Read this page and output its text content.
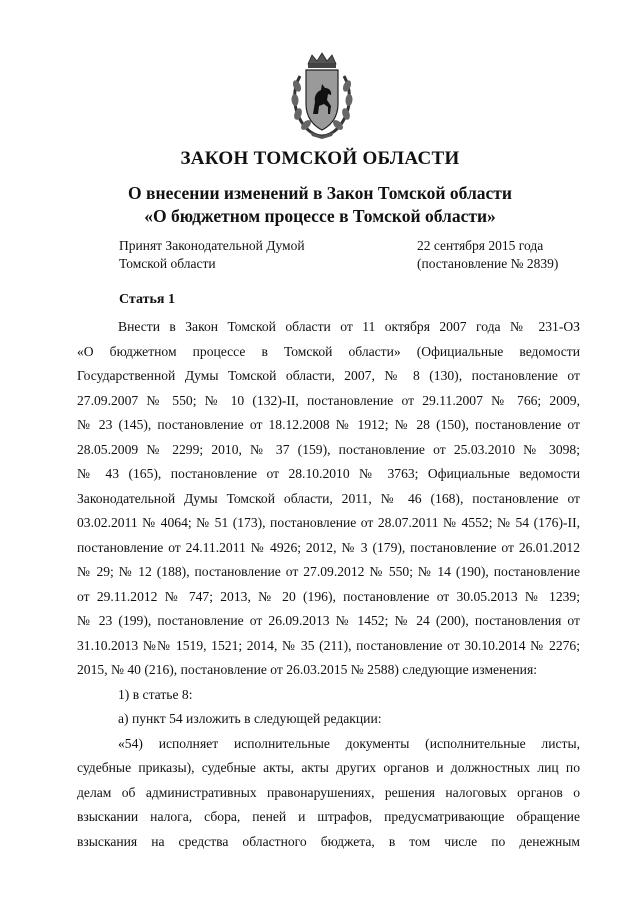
ЗАКОН ТОМСКОЙ ОБЛАСТИ
О внесении изменений в Закон Томской области
«О бюджетном процессе в Томской области»
Принят Законодательной Думой
Томской области
22 сентября 2015 года
(постановление № 2839)
Статья 1
Внести в Закон Томской области от 11 октября 2007 года № 231-ОЗ
«О бюджетном процессе в Томской области» (Официальные ведомости
Государственной Думы Томской области, 2007, № 8 (130), постановление от
27.09.2007 № 550; № 10 (132)-II, постановление от 29.11.2007 № 766; 2009,
№ 23 (145), постановление от 18.12.2008 № 1912; № 28 (150), постановление от
28.05.2009 № 2299; 2010, № 37 (159), постановление от 25.03.2010 № 3098;
№ 43 (165), постановление от 28.10.2010 № 3763; Официальные ведомости
Законодательной Думы Томской области, 2011, № 46 (168), постановление от
03.02.2011 № 4064; № 51 (173), постановление от 28.07.2011 № 4552; № 54 (176)-II,
постановление от 24.11.2011 № 4926; 2012, № 3 (179), постановление от 26.01.2012
№ 29; № 12 (188), постановление от 27.09.2012 № 550; № 14 (190), постановление
от 29.11.2012 № 747; 2013, № 20 (196), постановление от 30.05.2013 № 1239;
№ 23 (199), постановление от 26.09.2013 № 1452; № 24 (200), постановления от
31.10.2013 №№ 1519, 1521; 2014, № 35 (211), постановление от 30.10.2014 № 2276;
2015, № 40 (216), постановление от 26.03.2015 № 2588) следующие изменения:
1) в статье 8:
а) пункт 54 изложить в следующей редакции:
«54) исполняет исполнительные документы (исполнительные листы,
судебные приказы), судебные акты, акты других органов и должностных лиц по
делам об административных правонарушениях, решения налоговых органов о
взыскании налога, сбора, пеней и штрафов, предусматривающие обращение
взыскания на средства областного бюджета, в том числе по денежным
